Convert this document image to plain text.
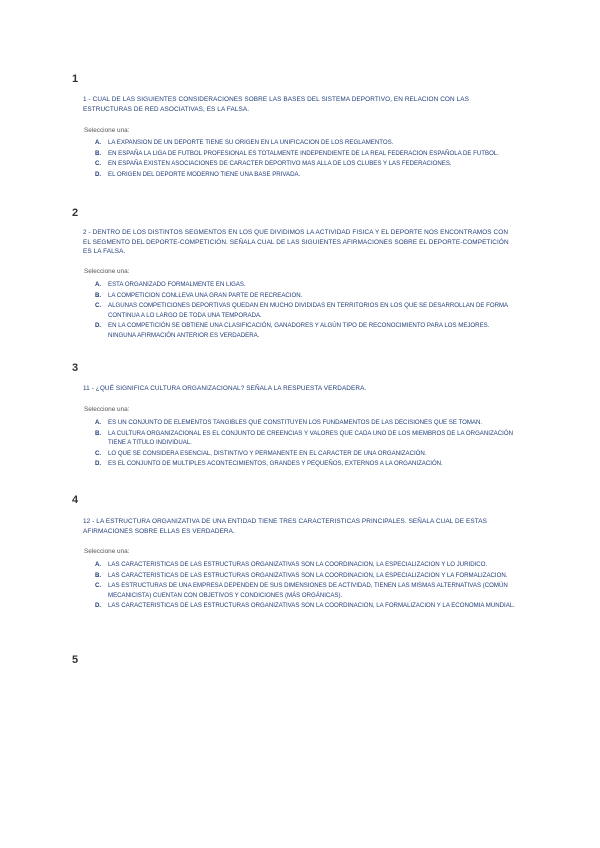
1
1 - CUAL DE LAS SIGUIENTES CONSIDERACIONES SOBRE LAS BASES DEL SISTEMA DEPORTIVO, EN RELACION CON LAS ESTRUCTURAS DE RED ASOCIATIVAS, ES LA FALSA.
Seleccione una:
A. LA EXPANSION DE UN DEPORTE TIENE SU ORIGEN EN LA UNIFICACION DE LOS REGLAMENTOS.
B. EN ESPAÑA LA LIGA DE FUTBOL PROFESIONAL ES TOTALMENTE INDEPENDIENTE DE LA REAL FEDERACION ESPAÑOLA DE FUTBOL.
C. EN ESPAÑA EXISTEN ASOCIACIONES DE CARACTER DEPORTIVO MAS ALLA DE LOS CLUBES Y LAS FEDERACIONES.
D. EL ORIGEN DEL DEPORTE MODERNO TIENE UNA BASE PRIVADA.
2
2 - DENTRO DE LOS DISTINTOS SEGMENTOS EN LOS QUE DIVIDIMOS LA ACTIVIDAD FISICA Y EL DEPORTE NOS ENCONTRAMOS CON EL SEGMENTO DEL DEPORTE-COMPETICIÓN. SEÑALA CUAL DE LAS SIGUIENTES AFIRMACIONES SOBRE EL DEPORTE-COMPETICIÓN ES LA FALSA.
Seleccione una:
A. ESTA ORGANIZADO FORMALMENTE EN LIGAS.
B. LA COMPETICION CONLLEVA UNA GRAN PARTE DE RECREACION.
C. ALGUNAS COMPETICIONES DEPORTIVAS QUEDAN EN MUCHO DIVIDIDAS EN TERRITORIOS EN LOS QUE SE DESARROLLAN DE FORMA CONTINUA A LO LARGO DE TODA UNA TEMPORADA.
D. EN LA COMPETICIÓN SE OBTIENE UNA CLASIFICACIÓN, GANADORES Y ALGÚN TIPO DE RECONOCIMIENTO PARA LOS MEJORES. NINGUNA AFIRMACIÓN ANTERIOR ES VERDADERA.
3
11 - ¿QUÉ SIGNIFICA CULTURA ORGANIZACIONAL? SEÑALA LA RESPUESTA VERDADERA.
Seleccione una:
A. ES UN CONJUNTO DE ELEMENTOS TANGIBLES QUE CONSTITUYEN LOS FUNDAMENTOS DE LAS DECISIONES QUE SE TOMAN.
B. LA CULTURA ORGANIZACIONAL ES EL CONJUNTO DE CREENCIAS Y VALORES QUE CADA UNO DE LOS MIEMBROS DE LA ORGANIZACIÓN TIENE A TITULO INDIVIDUAL.
C. LO QUE SE CONSIDERA ESENCIAL, DISTINTIVO Y PERMANENTE EN EL CARACTER DE UNA ORGANIZACIÓN.
D. ES EL CONJUNTO DE MULTIPLES ACONTECIMIENTOS, GRANDES Y PEQUEÑOS, EXTERNOS A LA ORGANIZACIÓN.
4
12 - LA ESTRUCTURA ORGANIZATIVA DE UNA ENTIDAD TIENE TRES CARACTERISTICAS PRINCIPALES. SEÑALA CUAL DE ESTAS AFIRMACIONES SOBRE ELLAS ES VERDADERA.
Seleccione una:
A. LAS CARACTERISTICAS DE LAS ESTRUCTURAS ORGANIZATIVAS SON LA COORDINACION, LA ESPECIALIZACION Y LO JURIDICO.
B. LAS CARACTERISTICAS DE LAS ESTRUCTURAS ORGANIZATIVAS SON LA COORDINACION, LA ESPECIALIZACION Y LA FORMALIZACION.
C. LAS ESTRUCTURAS DE UNA EMPRESA DEPENDEN DE SUS DIMENSIONES DE ACTIVIDAD, TIENEN LAS MISMAS ALTERNATIVAS (COMÚN MECANICISTA) CUENTAN CON OBJETIVOS Y CONDICIONES (MÁS ORGÁNICAS).
D. LAS CARACTERISTICAS DE LAS ESTRUCTURAS ORGANIZATIVAS SON LA COORDINACION, LA FORMALIZACION Y LA ECONOMIA MUNDIAL.
5
